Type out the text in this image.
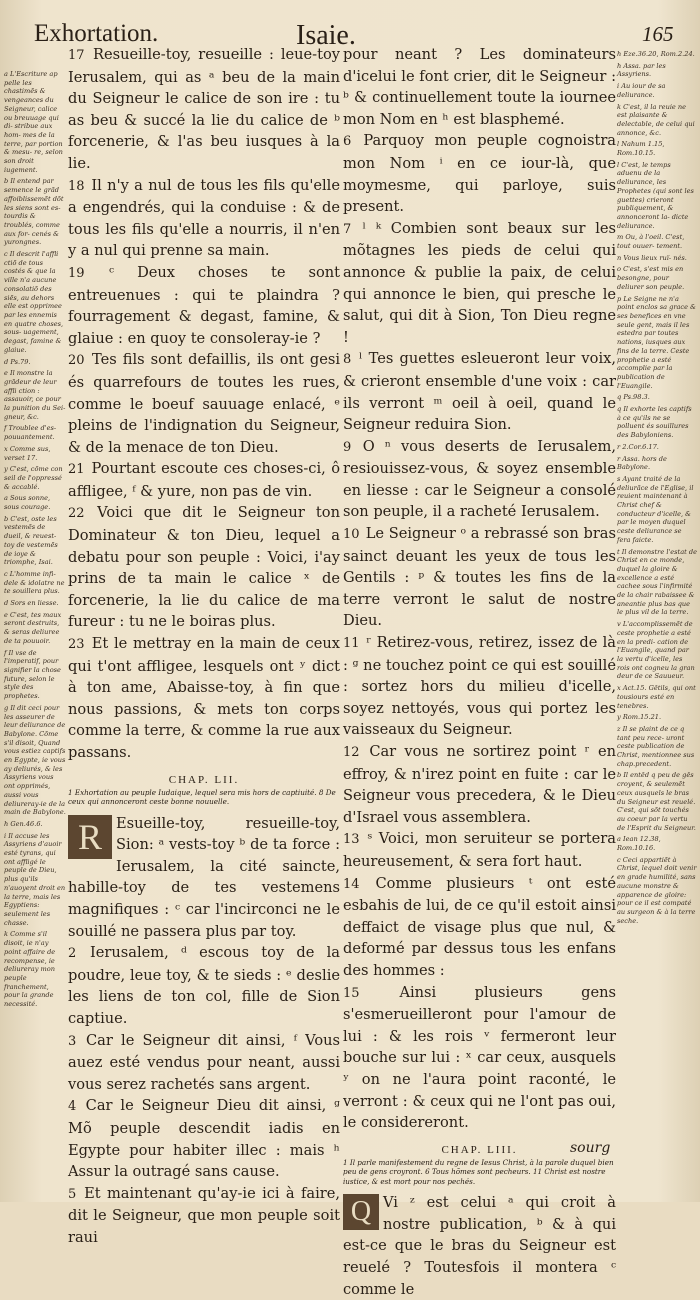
Exhortation.	Isaie.	165
a L'Escriture ap pelle les chastimẽs & vengeances du Seigneur, calice ou breuuage qui di- stribue aux hom- mes de la terre, par portion & mesu- re, selon son droit iugement.
b Il entend par semence le grãd affoiblissemẽt dõt les siens sont es- tourdis & troublés, comme aux for- cenés & yurongnes.
c Il descrit l'affli ctiõ de tous costés & que la ville n'a aucune consolatiõ des siẽs, au dehors elle est opprimee par les ennemis en quatre choses, sous- uagement, degast, famine & glaiue.
d Ps.79.
e Il monstre la grãdeur de leur affli ction : assauoir, ce pour la punition du Sei- gneur, &c.
f Troublee d'es- pouuantement.
x Comme sus, verset 17.
y C'est, cõme con seil de l'oppressé & accablé.
a Sous sonne, sous courage.
b C'est, oste les vestemẽs de dueil, & reuest-toy de vestemẽs de ioye & triomphe, Isai.
c L'homme infi- dele & idolatre ne te souillera plus.
d Sors en liesse.
e C'est, tes maux seront destruits, & seras deliuree de ta pouuoir.
f Il vse de l'imperatif, pour signifier la chose future, selon le style des prophetes.
g Il dit ceci pour les asseurer de leur deliurance de Babylone. Cõme s'il disoit, Quand vous estiez captifs en Egypte, ie vous ay deliurés, & les Assyriens vous ont opprimés, aussi vous deliureray-ie de la main de Babylone.
h Gen.46.6.
i Il accuse les Assyriens d'auoir esté tyrans, qui ont affligé le peuple de Dieu, plus qu'ils n'auoyent droit en la terre, mais les Egyptiens: seulement les chasse.
k Comme s'il disoit, ie n'ay point affaire de recompense, ie deliureray mon peuple franchement, pour la grande necessité.
h Eze.36.20, Rom.2.24.
h Assa. par les Assyriens.
i Au iour de sa deliurance.
k C'est, il la reuie ne est plaisante & delectable, de celui qui annonce, &c.
l Nahum 1.15, Rom.10.15.
l C'est, le temps aduenu de la deliurance, les Prophetes (qui sont les guettes) crieront publiquement, & annonceront la- dicte deliurance.
m Ou, à l'oeil. C'est, tout ouuer- tement.
n Vous lieux ruï- nés.
o C'est, s'est mis en besongne, pour deliurer son peuple.
p Le Seigne ne n'a point enclos sa grace & ses benefices en vne seule gent, mais il les estedra par toutes nations, iusques aux fins de la terre. Ceste prophetie a esté accomplie par la publication de l'Euangile.
q Ps.98.3.
q Il exhorte les captifs à ce qu'ils ne se polluent és souillures des Babyloniens.
r 2.Cor.6.17.
r Assa. hors de Babylone.
s Ayant traité de la deliurãce de l'Eglise, il reuient maintenant à Christ chef & conducteur d'icelle, & par le moyen duquel ceste deliurance se fera faicte.
t Il demonstre l'estat de Christ en ce monde, duquel la gloire & excellence a esté cachee sous l'infirmité de la chair rabaissee & aneantie plus bas que le plus vil de la terre.
v L'accomplissemẽt de ceste prophetie a esté en la predi- cation de l'Euangile, quand par la vertu d'icelle, les rois ont cogneu la gran deur de ce Sauueur.
x Act.15. Gētils, qui ont tousiours esté en tenebres.
y Rom.15.21.
z Il se plaint de ce q tant peu rece- uront ceste publication de Christ, mentionnee sus chap.precedent.
b Il entēd q peu de gēs croyent, & seulemẽt ceux ausquels le bras du Seigneur est reuelé. C'est, qui sõt touchés au coeur par la vertu de l'Esprit du Seigneur.
a Iean 12.38, Rom.10.16.
c Ceci appartiẽt à Christ, lequel doit venir en grade humilité, sans aucune monstre & apparence de gloire: pour ce il est compaté au surgeon & à la terre seche.

17 Resueille-toy, resueille : leue-toy Ierusalem, qui as ᵃ beu de la main du Seigneur le calice de son ire : tu as beu & succé la lie du calice de ᵇ forcenerie, & l'as beu iusques à la lie.

18 Il n'y a nul de tous les fils qu'elle a engendrés, qui la conduise : & de tous les fils qu'elle a nourris, il n'en y a nul qui prenne sa main.

19 ᶜ Deux choses te sont entreuenues : qui te plaindra ? fourragement & degast, famine, & glaiue : en quoy te consoleray-ie ?

20 Tes fils sont defaillis, ils ont gesi és quarrefours de toutes les rues, comme le boeuf sauuage enlacé, ᵉ pleins de l'indignation du Seigneur, & de la menace de ton Dieu.

21 Pourtant escoute ces choses-ci, ô affligee, ᶠ & yure, non pas de vin.

22 Voici que dit le Seigneur ton Dominateur & ton Dieu, lequel a debatu pour son peuple : Voici, i'ay prins de ta main le calice ˣ de forcenerie, la lie du calice de ma fureur : tu ne le boiras plus.

23 Et le mettray en la main de ceux qui t'ont affligee, lesquels ont ʸ dict à ton ame, Abaisse-toy, à fin que nous passions, & mets ton corps comme la terre, & comme la rue aux passans.

CHAP. LII.
1 Exhortation au peuple Iudaique, lequel sera mis hors de captiuité. 8 De ceux qui annonceront ceste bonne nouuelle.

R Esueille-toy, resueille-toy, Sion: ᵃ vests-toy ᵇ de ta force : Ierusalem, la cité saincte, habille-toy de tes vestemens magnifiques : ᶜ car l'incirconci ne le souillé ne passera plus par toy.

2 Ierusalem, ᵈ escous toy de la poudre, leue toy, & te sieds : ᵉ deslie les liens de ton col, fille de Sion captiue.

3 Car le Seigneur dit ainsi, ᶠ Vous auez esté vendus pour neant, aussi vous serez rachetés sans argent.

4 Car le Seigneur Dieu dit ainsi, ᵍ Mõ peuple descendit iadis en Egypte pour habiter illec : mais ʰ Assur la outragé sans cause.

5 Et maintenant qu'ay-ie ici à faire, dit le Seigneur, que mon peuple soit raui

pour neant ? Les dominateurs d'icelui le font crier, dit le Seigneur : ᵇ & continuellement toute la iournee mon Nom en ʰ est blasphemé.

6 Parquoy mon peuple cognoistra mon Nom ⁱ en ce iour-là, que moymesme, qui parloye, suis present.

7 ˡ ᵏ Combien sont beaux sur les mõtagnes les pieds de celui qui annonce & publie la paix, de celui qui annonce le bien, qui presche le salut, qui dit à Sion, Ton Dieu regne !

8 ˡ Tes guettes esleueront leur voix, & crieront ensemble d'une voix : car ils verront ᵐ oeil à oeil, quand le Seigneur reduira Sion.

9 O ⁿ vous deserts de Ierusalem, resiouissez-vous, & soyez ensemble en liesse : car le Seigneur a consolé son peuple, il a racheté Ierusalem.

10 Le Seigneur ᵒ a rebrassé son bras sainct deuant les yeux de tous les Gentils : ᵖ & toutes les fins de la terre verront le salut de nostre Dieu.

11 ʳ Retirez-vous, retirez, issez de là : ᵍ ne touchez point ce qui est souillé : sortez hors du milieu d'icelle, soyez nettoyés, vous qui portez les vaisseaux du Seigneur.

12 Car vous ne sortirez point ʳ en effroy, & n'irez point en fuite : car le Seigneur vous precedera, & le Dieu d'Israel vous assemblera.

13 ˢ Voici, mon seruiteur se portera heureusement, & sera fort haut.

14 Comme plusieurs ᵗ ont esté esbahis de lui, de ce qu'il estoit ainsi deffaict de visage plus que nul, & deformé par dessus tous les enfans des hommes :

15 Ainsi plusieurs gens s'esmerueilleront pour l'amour de lui : & les rois ᵛ fermeront leur bouche sur lui : ˣ car ceux, ausquels ʸ on ne l'aura point raconté, le verront : & ceux qui ne l'ont pas oui, le considereront.

CHAP. LIII.
1 Il parle manifestement du regne de Iesus Christ, à la parole duquel bien peu de gens croyront. 6 Tous hõmes sont pecheurs. 11 Christ est nostre iustice, & est mort pour nos pechés.

Q Vi ᶻ est celui ᵃ qui croit à nostre publication, ᵇ & à qui est-ce que le bras du Seigneur est reuelé ? Toutesfois il montera ᶜ comme le

sourg
